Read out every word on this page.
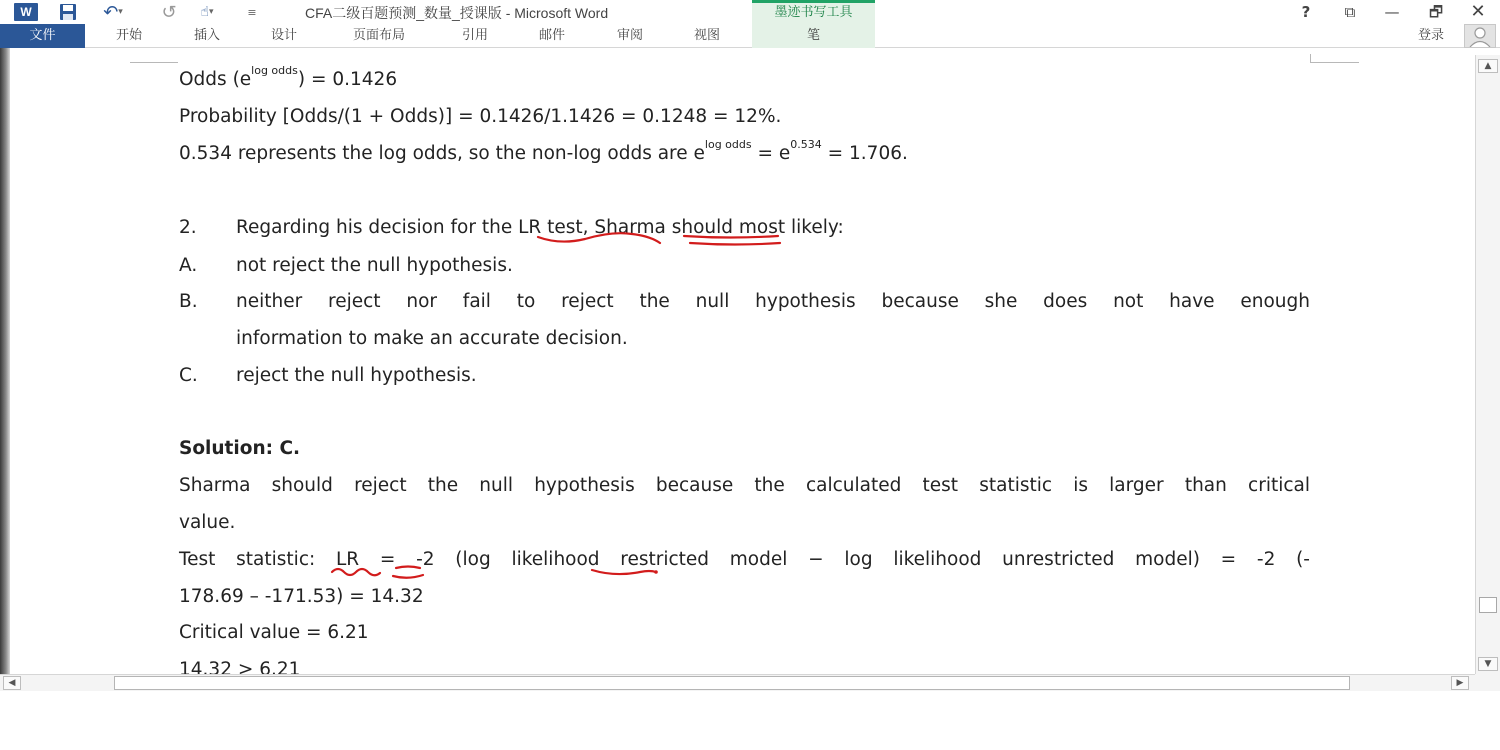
W	↶ ▾ ↺ ☝ ▾	≡	CFA二级百题预测_数量_授课版 - Microsoft Word	墨迹书写工具	?	⧉	—	🗗	✕
文件	开始	插入	设计	页面布局	引用	邮件	审阅	视图	笔	登录
Odds $(e^{log odds}) = 0.1426$
Probability [Odds/(1 + Odds)] = 0.1426/1.1426 = 0.1248 = 12%.
0.534 represents the log odds, so the non-log odds are $e^{log odds} = e^{0.534} = 1.706$.
2. Regarding his decision for the LR test, Sharma should most likely:
A. not reject the null hypothesis.
B. neither reject nor fail to reject the null hypothesis because she does not have enough
information to make an accurate decision.
C. reject the null hypothesis.
Solution: C.
Sharma should reject the null hypothesis because the calculated test statistic is larger than critical
value.
Test statistic: LR = -2 (log likelihood restricted model − log likelihood unrestricted model) = -2 (-
178.69 – -171.53) = 14.32
Critical value = 6.21
14.32 > 6.21
▲
▼
◀	▶
